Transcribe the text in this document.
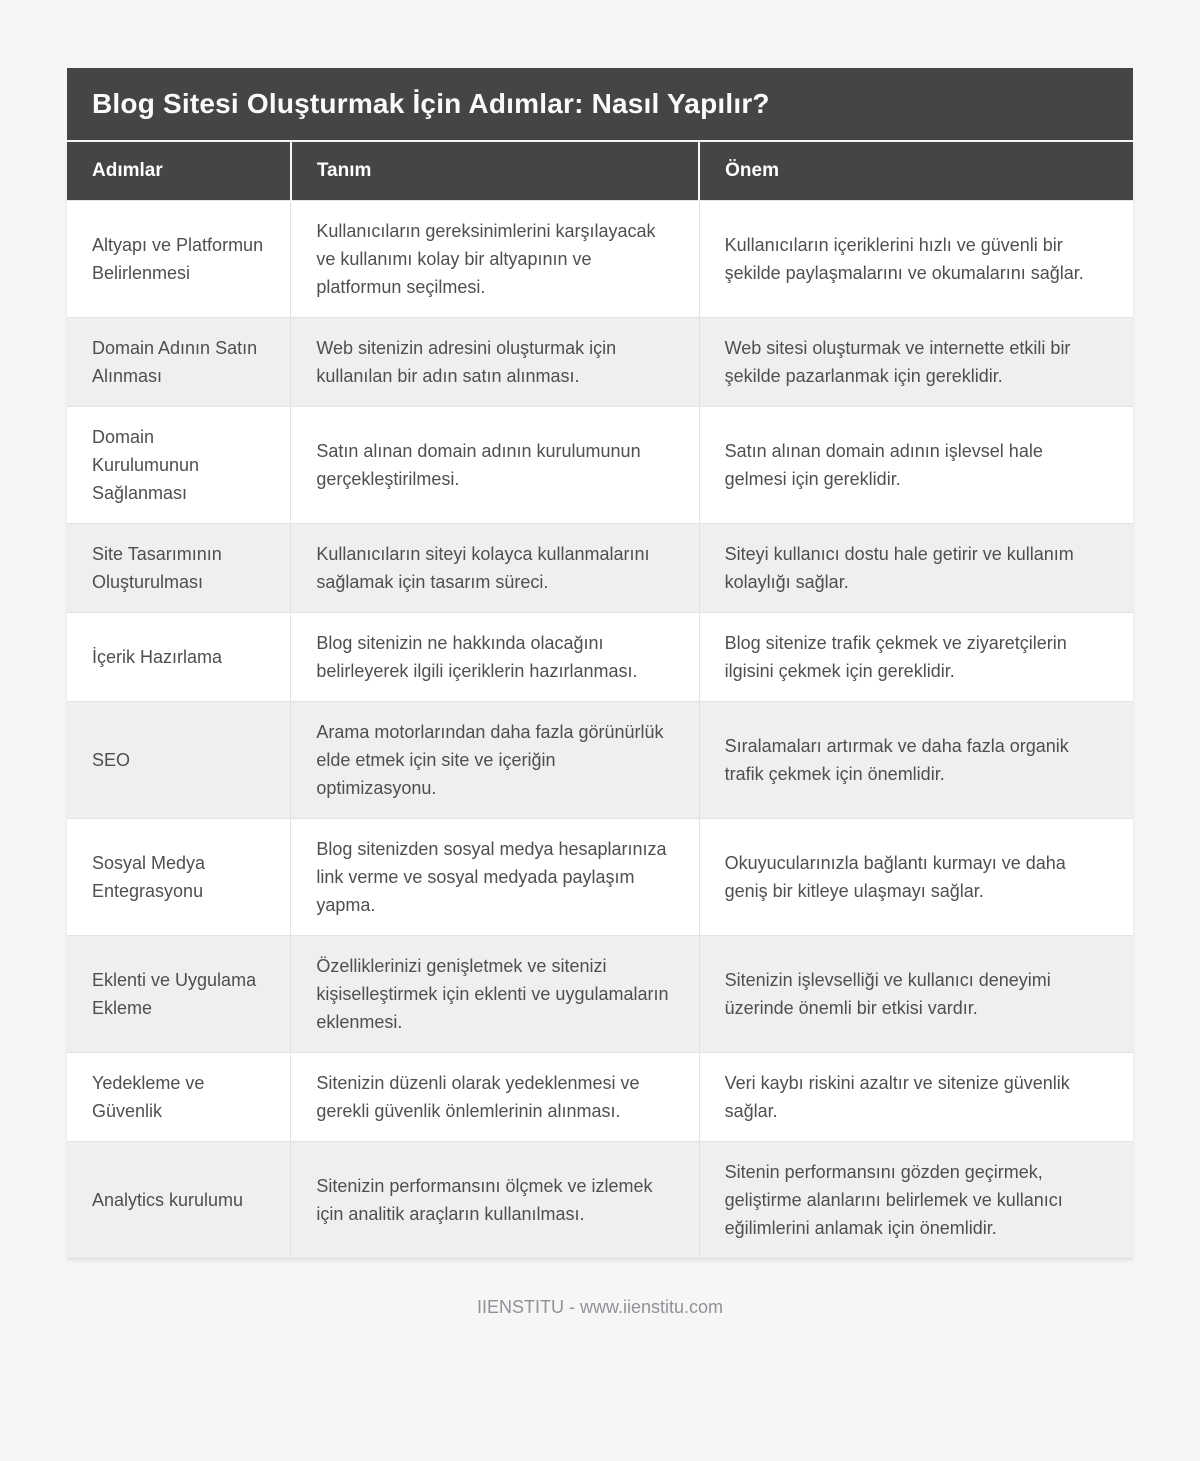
Blog Sitesi Oluşturmak İçin Adımlar: Nasıl Yapılır?
Adımlar	Tanım	Önem
Altyapı ve Platformun Belirlenmesi	Kullanıcıların gereksinimlerini karşılayacak ve kullanımı kolay bir altyapının ve platformun seçilmesi.	Kullanıcıların içeriklerini hızlı ve güvenli bir şekilde paylaşmalarını ve okumalarını sağlar.
Domain Adının Satın Alınması	Web sitenizin adresini oluşturmak için kullanılan bir adın satın alınması.	Web sitesi oluşturmak ve internette etkili bir şekilde pazarlanmak için gereklidir.
Domain Kurulumunun Sağlanması	Satın alınan domain adının kurulumunun gerçekleştirilmesi.	Satın alınan domain adının işlevsel hale gelmesi için gereklidir.
Site Tasarımının Oluşturulması	Kullanıcıların siteyi kolayca kullanmalarını sağlamak için tasarım süreci.	Siteyi kullanıcı dostu hale getirir ve kullanım kolaylığı sağlar.
İçerik Hazırlama	Blog sitenizin ne hakkında olacağını belirleyerek ilgili içeriklerin hazırlanması.	Blog sitenize trafik çekmek ve ziyaretçilerin ilgisini çekmek için gereklidir.
SEO	Arama motorlarından daha fazla görünürlük elde etmek için site ve içeriğin optimizasyonu.	Sıralamaları artırmak ve daha fazla organik trafik çekmek için önemlidir.
Sosyal Medya Entegrasyonu	Blog sitenizden sosyal medya hesaplarınıza link verme ve sosyal medyada paylaşım yapma.	Okuyucularınızla bağlantı kurmayı ve daha geniş bir kitleye ulaşmayı sağlar.
Eklenti ve Uygulama Ekleme	Özelliklerinizi genişletmek ve sitenizi kişiselleştirmek için eklenti ve uygulamaların eklenmesi.	Sitenizin işlevselliği ve kullanıcı deneyimi üzerinde önemli bir etkisi vardır.
Yedekleme ve Güvenlik	Sitenizin düzenli olarak yedeklenmesi ve gerekli güvenlik önlemlerinin alınması.	Veri kaybı riskini azaltır ve sitenize güvenlik sağlar.
Analytics kurulumu	Sitenizin performansını ölçmek ve izlemek için analitik araçların kullanılması.	Sitenin performansını gözden geçirmek, geliştirme alanlarını belirlemek ve kullanıcı eğilimlerini anlamak için önemlidir.
IIENSTITU - www.iienstitu.com
